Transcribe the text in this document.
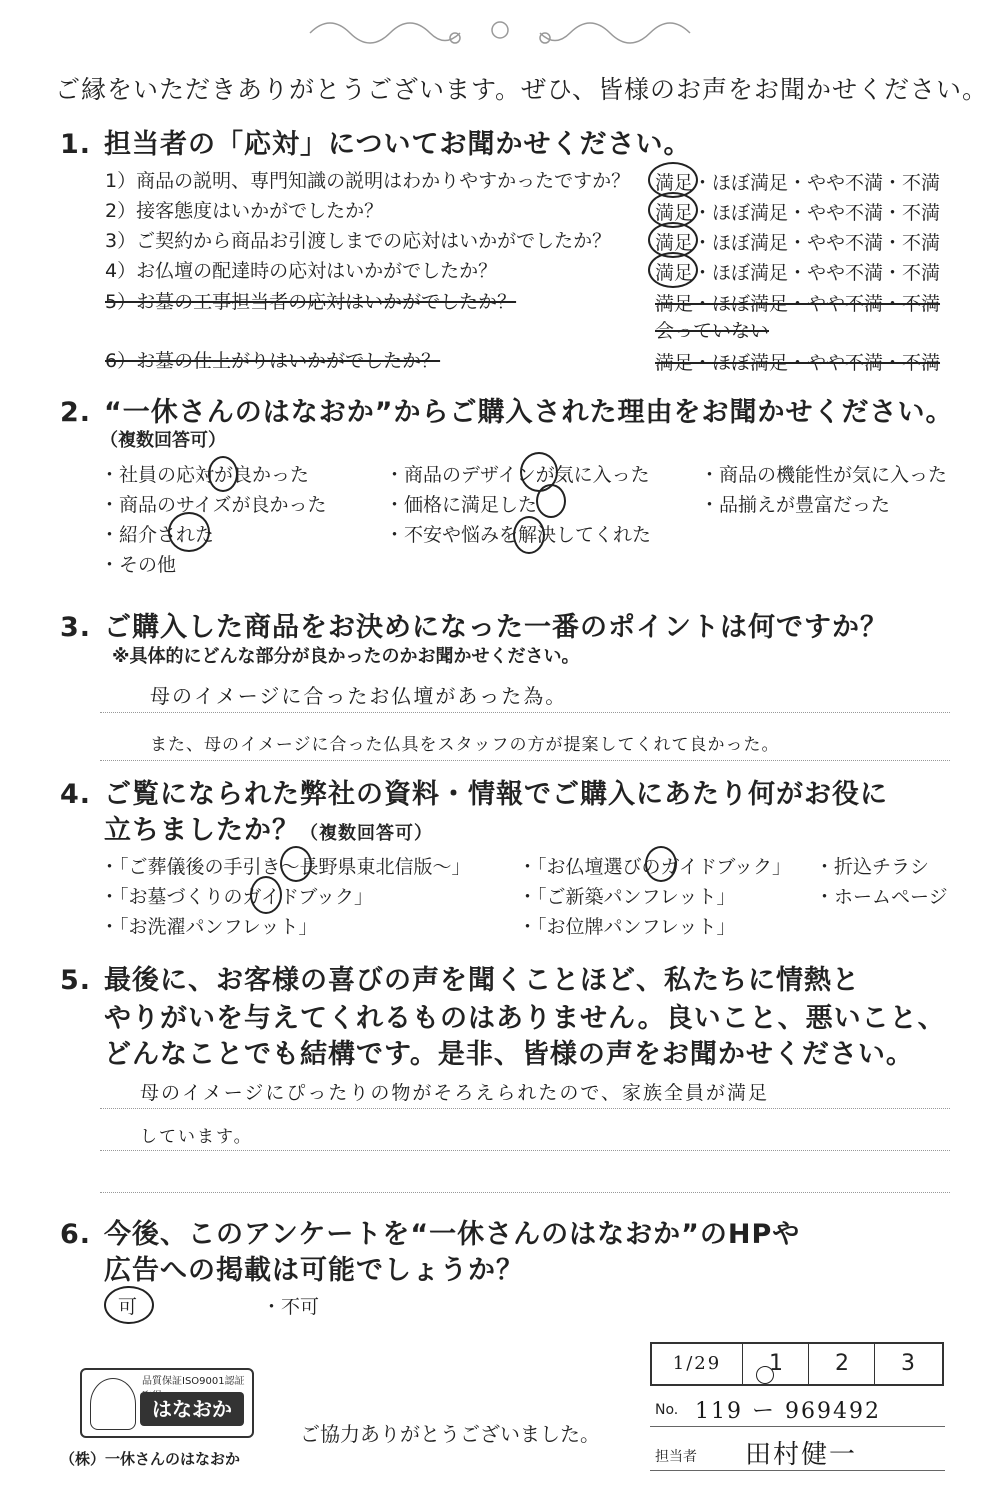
ご縁をいただきありがとうございます。ぜひ、皆様のお声をお聞かせください。
1. 担当者の「応対」についてお聞かせください。
1）商品の説明、専門知識の説明はわかりやすかったですか？ 満足・ほぼ満足・やや不満・不満
2）接客態度はいかがでしたか？	満足・ほぼ満足・やや不満・不満
3）ご契約から商品お引渡しまでの応対はいかがでしたか？ 満足・ほぼ満足・やや不満・不満
4）お仏壇の配達時の応対はいかがでしたか？	満足・ほぼ満足・やや不満・不満
5）お墓の工事担当者の応対はいかがでしたか？	満足・ほぼ満足・やや不満・不満
会っていない
6）お墓の仕上がりはいかがでしたか？	満足・ほぼ満足・やや不満・不満
2. “一休さんのはなおか”からご購入された理由をお聞かせください。
（複数回答可）
・社員の応対が良かった	・商品のデザインが気に入った	・商品の機能性が気に入った
・商品のサイズが良かった	・価格に満足した	・品揃えが豊富だった
・紹介された	・不安や悩みを解決してくれた
・その他
3. ご購入した商品をお決めになった一番のポイントは何ですか？
※具体的にどんな部分が良かったのかお聞かせください。
母のイメージに合ったお仏壇があった為。
また、母のイメージに合った仏具をスタッフの方が提案してくれて良かった。
4. ご覧になられた弊社の資料・情報でご購入にあたり何がお役に
立ちましたか？（複数回答可）
・「ご葬儀後の手引き～長野県東北信版～」 ・「お仏壇選びのガイドブック」 ・折込チラシ
・「お墓づくりのガイドブック」	・「ご新築パンフレット」	・ホームページ
・「お洗濯パンフレット」	・「お位牌パンフレット」
5. 最後に、お客様の喜びの声を聞くことほど、私たちに情熱と
やりがいを与えてくれるものはありません。良いこと、悪いこと、
どんなことでも結構です。是非、皆様の声をお聞かせください。
母のイメージにぴったりの物がそろえられたので、家族全員が満足
しています。
6. 今後、このアンケートを“一休さんのはなおか”のHPや
広告への掲載は可能でしょうか？
可	・不可
品質保証ISO9001認証
はなおか
（株）一休さんのはなおか
ご協力ありがとうございました。
1/29	1	2	3
No. 119 ー 969492
担当者 田村健一
